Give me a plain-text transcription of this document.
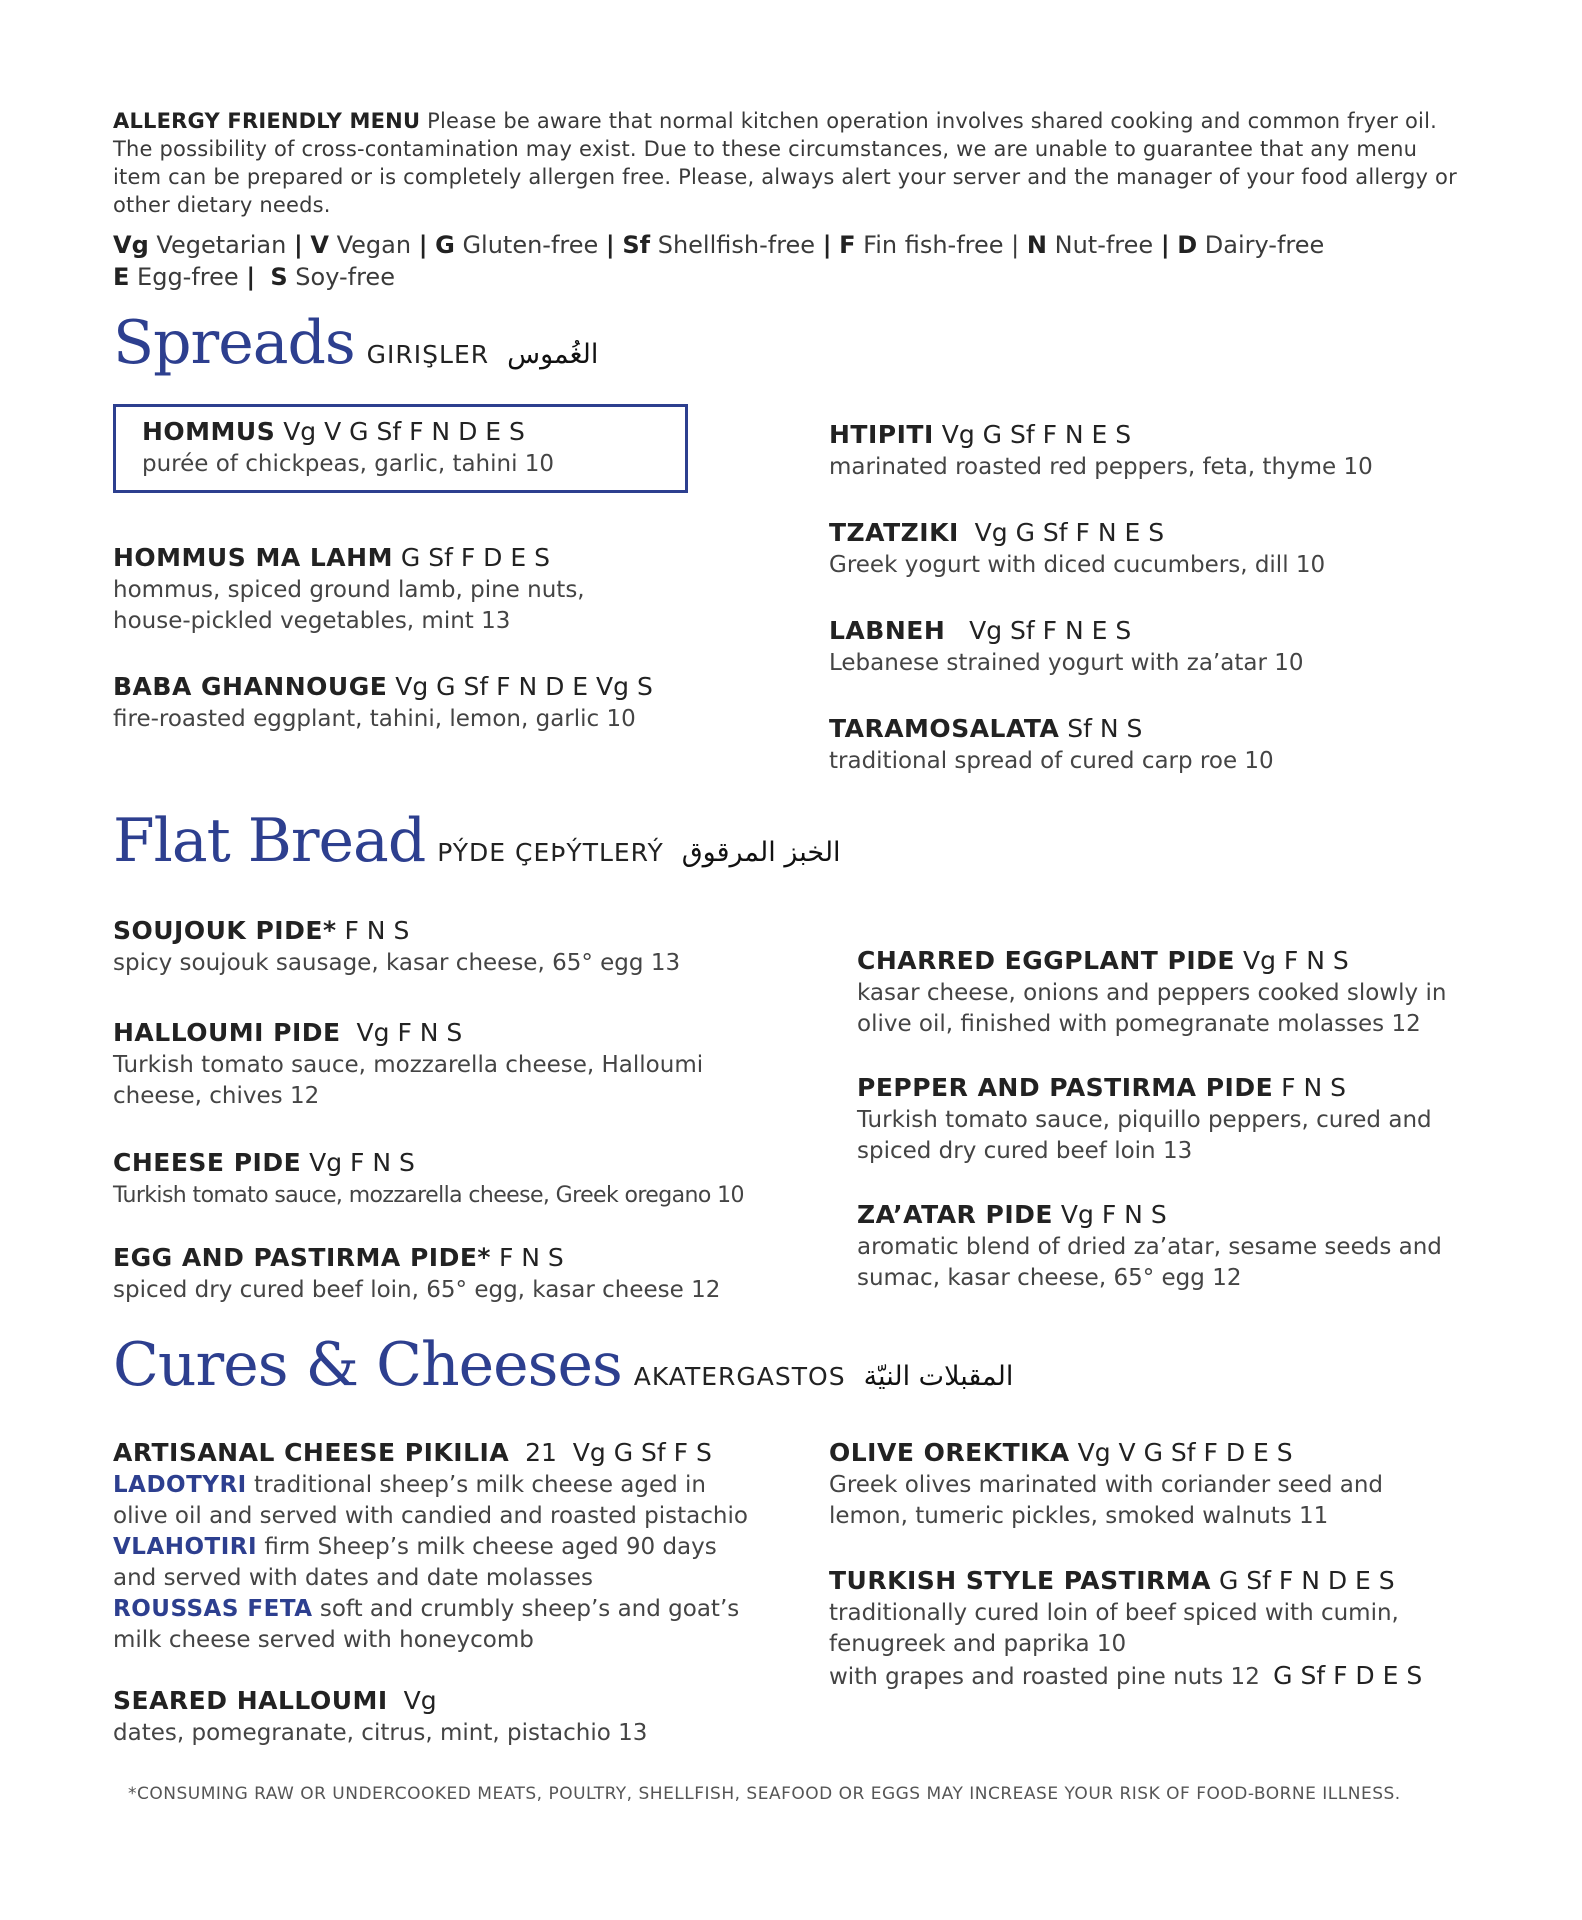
ALLERGY FRIENDLY MENU Please be aware that normal kitchen operation involves shared cooking and common fryer oil. The possibility of cross-contamination may exist. Due to these circumstances, we are unable to guarantee that any menu item can be prepared or is completely allergen free. Please, always alert your server and the manager of your food allergy or other dietary needs.

Vg Vegetarian | V Vegan | G Gluten-free | Sf Shellfish-free | F Fin fish-free | N Nut-free | D Dairy-free
E Egg-free | S Soy-free
Spreads GIRIŞLER الغُموس
HOMMUS Vg V G Sf F N D E S
purée of chickpeas, garlic, tahini 10
HOMMUS MA LAHM G Sf F D E S
hommus, spiced ground lamb, pine nuts, house-pickled vegetables, mint 13
BABA GHANNOUGE Vg G Sf F N D E Vg S
fire-roasted eggplant, tahini, lemon, garlic 10
HTIPITI Vg G Sf F N E S
marinated roasted red peppers, feta, thyme 10
TZATZIKI  Vg G Sf F N E S
Greek yogurt with diced cucumbers, dill 10
LABNEH   Vg Sf F N E S
Lebanese strained yogurt with za’atar 10
TARAMOSALATA Sf N S
traditional spread of cured carp roe 10
Flat Bread PÝDE ÇEÞÝTLERÝ الخبز المرقوق
SOUJOUK PIDE* F N S
spicy soujouk sausage, kasar cheese, 65° egg 13
HALLOUMI PIDE  Vg F N S
Turkish tomato sauce, mozzarella cheese, Halloumi cheese, chives 12
CHEESE PIDE Vg F N S
Turkish tomato sauce, mozzarella cheese, Greek oregano 10
EGG AND PASTIRMA PIDE* F N S
spiced dry cured beef loin, 65° egg, kasar cheese 12
CHARRED EGGPLANT PIDE Vg F N S
kasar cheese, onions and peppers cooked slowly in olive oil, finished with pomegranate molasses 12
PEPPER AND PASTIRMA PIDE F N S
Turkish tomato sauce, piquillo peppers, cured and spiced dry cured beef loin 13
ZA’ATAR PIDE Vg F N S
aromatic blend of dried za’atar, sesame seeds and sumac, kasar cheese, 65° egg 12
Cures & Cheeses AKATERGASTOS المقبلات النيّة
ARTISANAL CHEESE PIKILIA  21  Vg G Sf F S
LADOTYRI traditional sheep’s milk cheese aged in olive oil and served with candied and roasted pistachio
VLAHOTIRI firm Sheep’s milk cheese aged 90 days and served with dates and date molasses
ROUSSAS FETA soft and crumbly sheep’s and goat’s milk cheese served with honeycomb
SEARED HALLOUMI  Vg
dates, pomegranate, citrus, mint, pistachio 13
OLIVE OREKTIKA Vg V G Sf F D E S
Greek olives marinated with coriander seed and lemon, tumeric pickles, smoked walnuts 11
TURKISH STYLE PASTIRMA G Sf F N D E S
traditionally cured loin of beef spiced with cumin, fenugreek and paprika 10
with grapes and roasted pine nuts 12 G Sf F D E S
*CONSUMING RAW OR UNDERCOOKED MEATS, POULTRY, SHELLFISH, SEAFOOD OR EGGS MAY INCREASE YOUR RISK OF FOOD-BORNE ILLNESS.
